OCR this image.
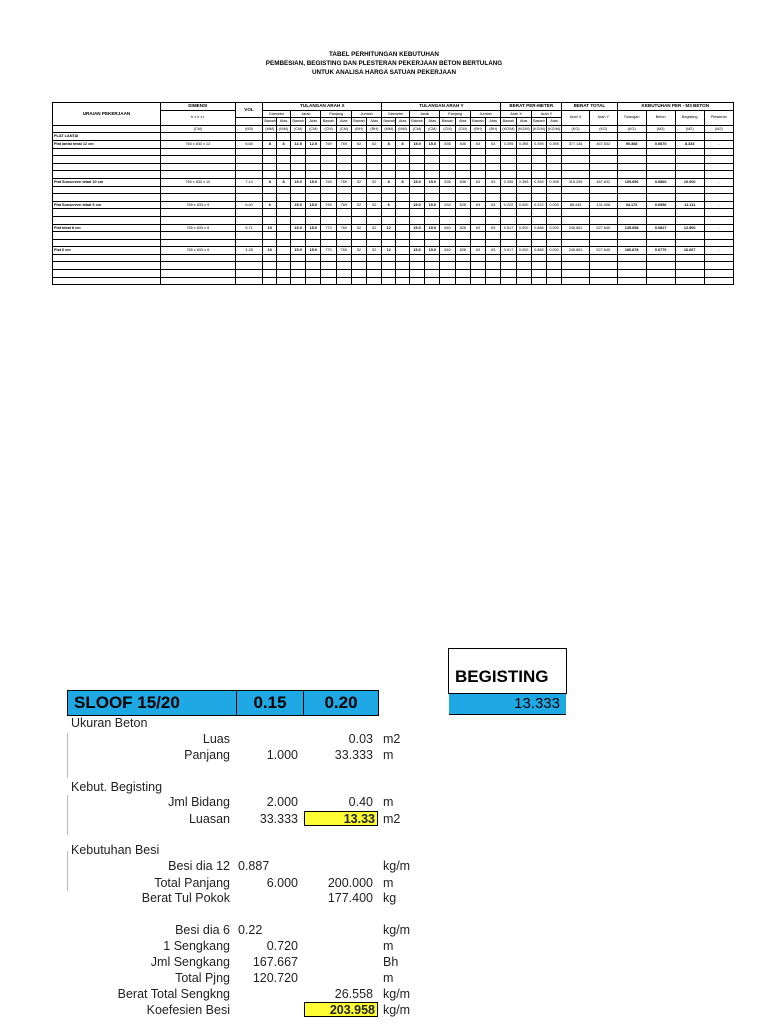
TABEL PERHITUNGAN KEBUTUHAN
PEMBESIAN, BEGISTING DAN PLESTERAN PEKERJAAN BETON BERTULANG
UNTUK ANALISA HARGA SATUAN PEKERJAAN
URAIAN PEKERJAAN	DIMENSI	VOL	TULANGAN ARAH X								TULANGAN ARAH Y								BERAT PER-METER				BERAT TOTAL		KEBUTUHAN PER - M3 BETON			
	b x h x t		Diameter		Jarak		Panjang		Jumlah		Diameter		Jarak		Panjang		Jumlah		Arah X		Arah Y		Arah X	Arah Y	Tulangan	Beton	Begisting	Plesteran
			Bawah	Atas	Bawah	Atas	Bawah	Atas	Bawah	Atas	Bawah	Atas	Bawah	Atas	Bawah	Atas	Bawah	Atas	Bawah	Atas	Bawah	Atas						
	(CM)	(M3)	(MM)	(MM)	(CM)	(CM)	(CM)	(CM)	(BH)	(BH)	(MM)	(MM)	(CM)	(CM)	(CM)	(CM)	(BH)	(BH)	(KG/M)	(KG/M)	(KG/M)	(KG/M)	(KG)	(KG)	(KG)	(M3)	(M2)	(M2)
PLAT LANTAI																												
Plat lantai tebal 12 cm	765 x 833 x 12	6.65	8	8	12.5	12.5	769	769	62	62	8	8	15.0	15.0	836	836	63	63	0.395	0.395	0.395	0.395	377.134	467.632	90.368	0.0870	8.333	-

Plat Sunscreen tebal 10 cm	765 x 833 x 10	7.14	8	8	15.0	15.0	769	769	52	52	8	8	15.0	15.0	836	836	63	63	0.395	0.395	0.395	0.395	315.299	467.632	109.656	0.0860	10.000	-

Plat Sunscreen tebal 9 cm	765 x 833 x 9	6.40	6		15.0	15.0	769	769	52	52	6		15.0	15.0	834	828	63	63	0.222	0.000	0.222	0.000	88.444	131.008	34.172	0.0956	11.111	-

Plat tebal 8 cm	765 x 833 x 8	5.71	10		15.0	15.0	770	760	52	52	12		15.0	15.0	840	828	63	63	0.617	0.000	0.888	0.000	246.861	527.645	135.658	0.0827	12.500	-

Plat 6 cm	765 x 833 x 6	4.28	10		15.0	15.0	770	760	52	52	12		15.0	15.0	840	828	63	63	0.617	0.000	0.888	0.000	246.861	527.645	180.878	0.0770	16.667	-

BEGISTING
13.333
SLOOF 15/20	0.15	0.20
Ukuran Beton
Luas	0.03 m2
Panjang	1.000	33.333 m
Kebut. Begisting
Jml Bidang	2.000	0.40 m
Luasan	33.333	13.33 m2
Kebutuhan Besi
Besi dia 12 0.887	kg/m
Total Panjang	6.000	200.000 m
Berat Tul Pokok	177.400 kg
Besi dia 6 0.22	kg/m
1 Sengkang	0.720	m
Jml Sengkang	167.667	Bh
Total Pjng	120.720	m
Berat Total Sengkng	26.558 kg/m
Koefesien Besi	203.958 kg/m
